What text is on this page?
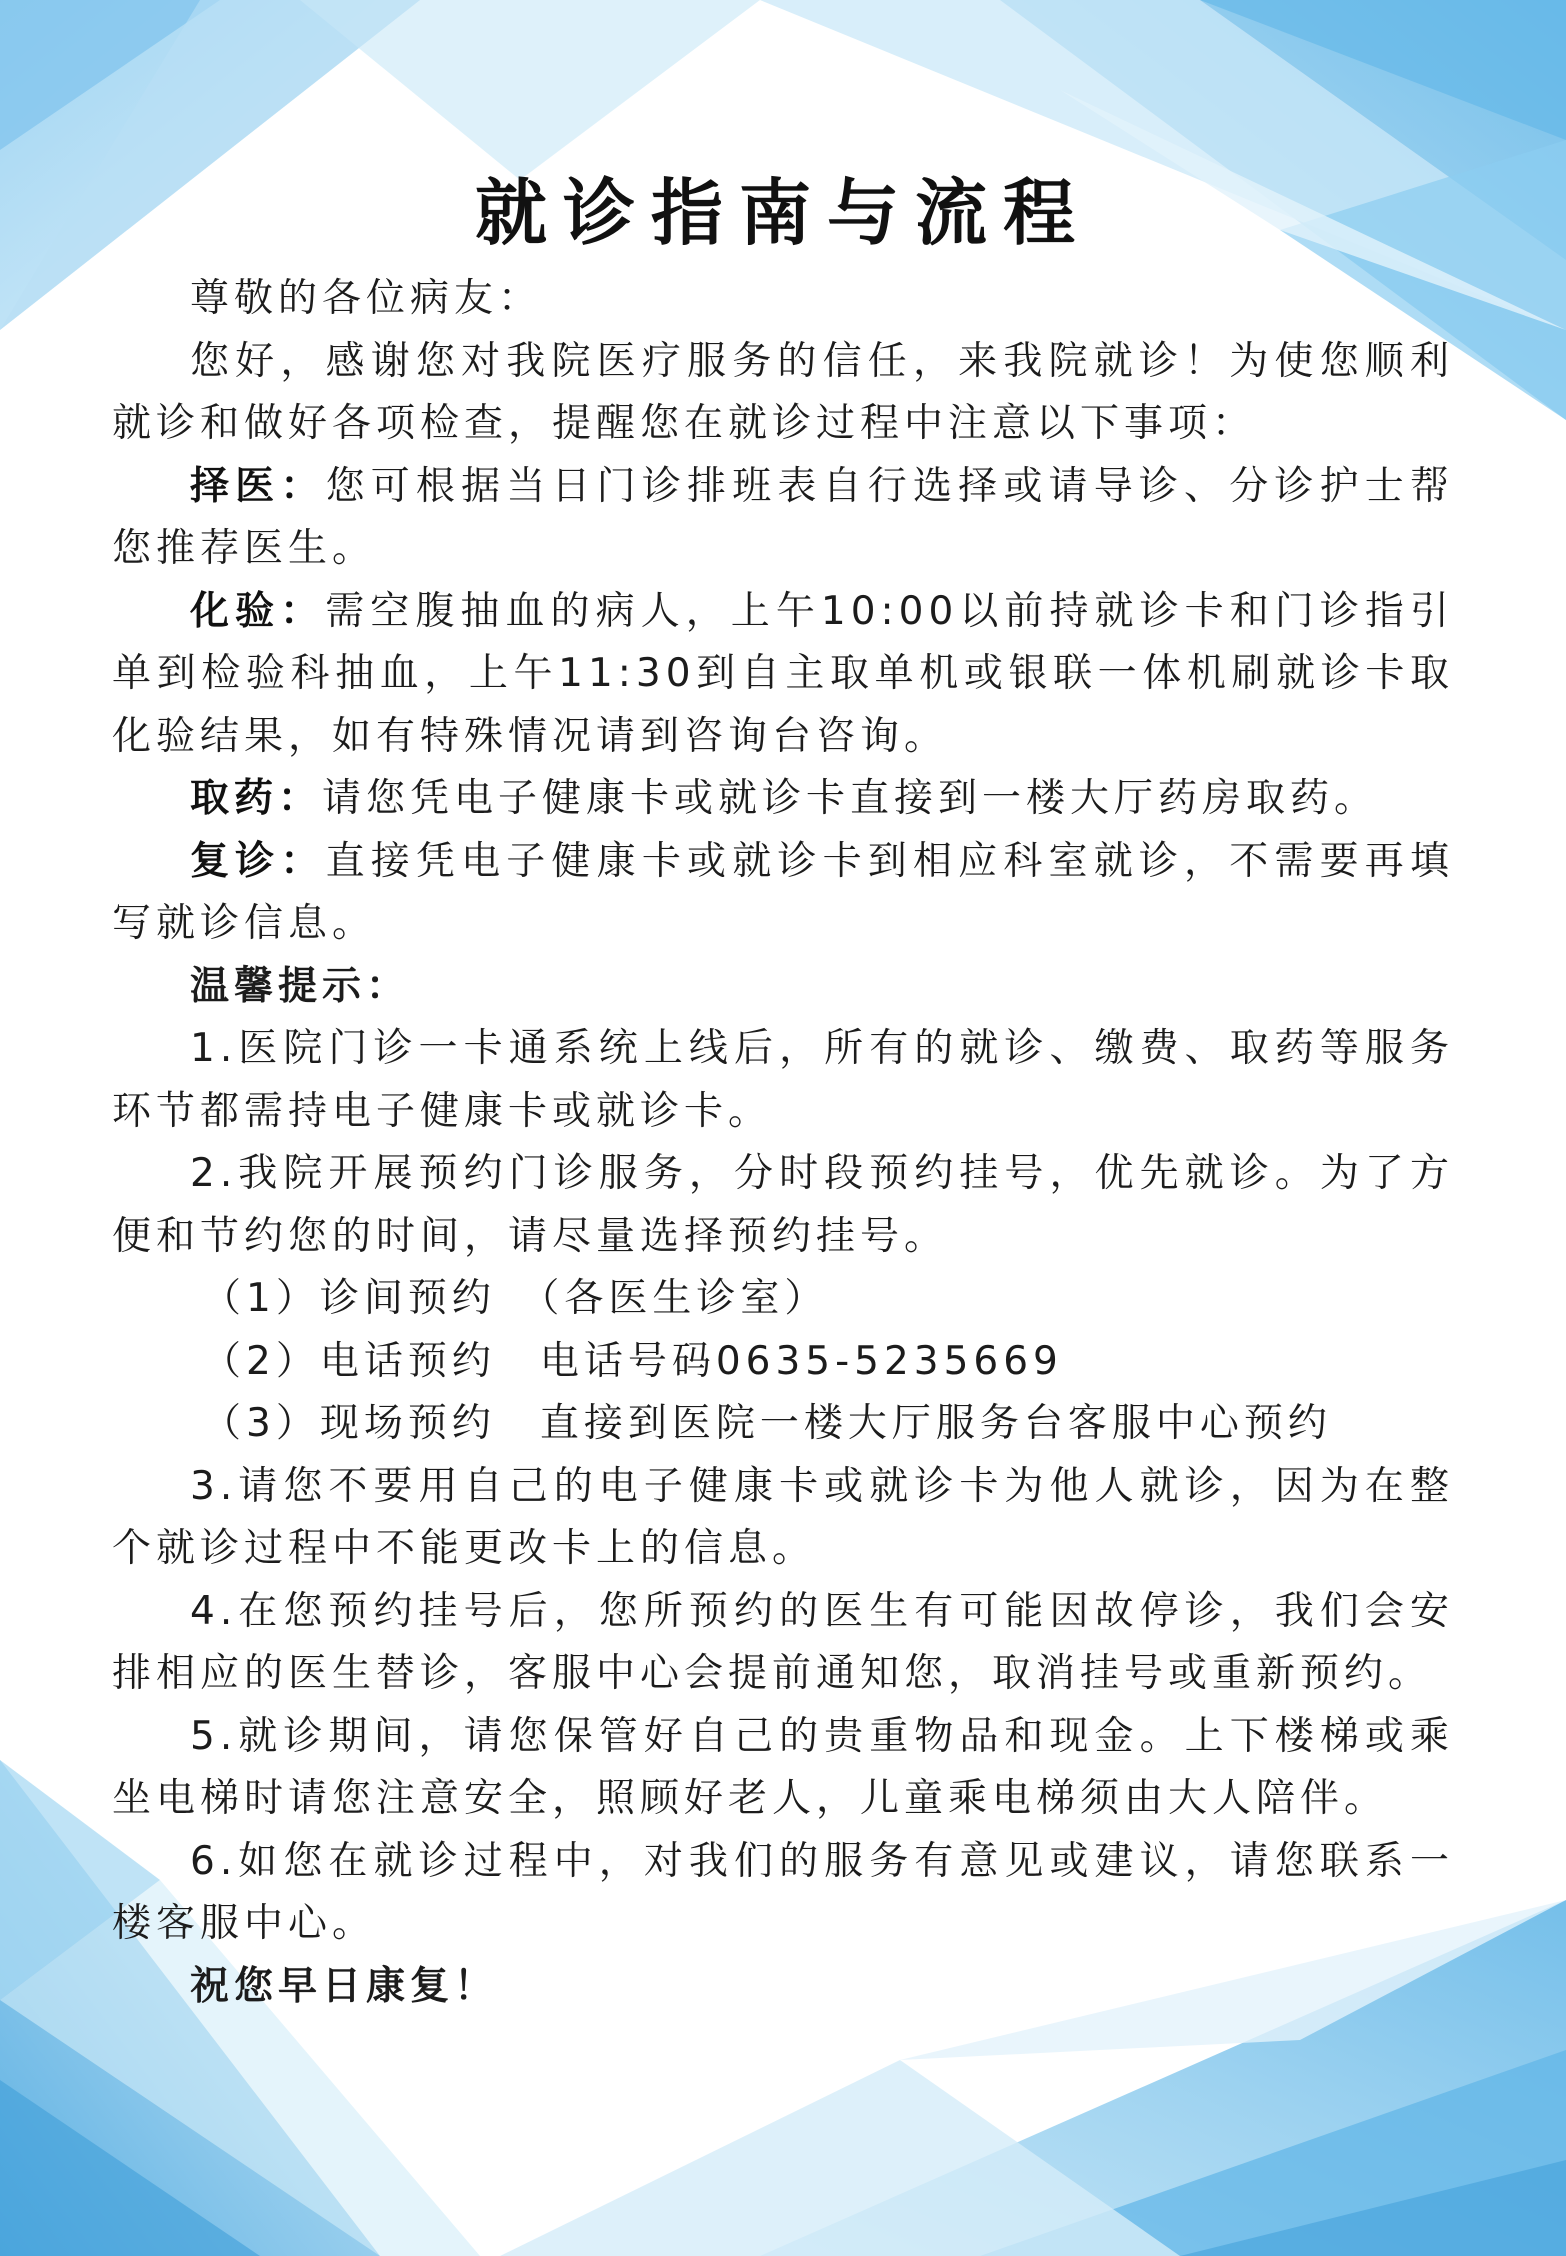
就诊指南与流程

尊敬的各位病友：

您好，感谢您对我院医疗服务的信任，来我院就诊！为使您顺利就诊和做好各项检查，提醒您在就诊过程中注意以下事项：

择医：您可根据当日门诊排班表自行选择或请导诊、分诊护士帮您推荐医生。

化验：需空腹抽血的病人，上午10:00以前持就诊卡和门诊指引单到检验科抽血，上午11:30到自主取单机或银联一体机刷就诊卡取化验结果，如有特殊情况请到咨询台咨询。

取药：请您凭电子健康卡或就诊卡直接到一楼大厅药房取药。

复诊：直接凭电子健康卡或就诊卡到相应科室就诊，不需要再填写就诊信息。

温馨提示：

1.医院门诊一卡通系统上线后，所有的就诊、缴费、取药等服务环节都需持电子健康卡或就诊卡。

2.我院开展预约门诊服务，分时段预约挂号，优先就诊。为了方便和节约您的时间，请尽量选择预约挂号。

（1）诊间预约　（各医生诊室）

（2）电话预约　电话号码0635-5235669

（3）现场预约　直接到医院一楼大厅服务台客服中心预约

3.请您不要用自己的电子健康卡或就诊卡为他人就诊，因为在整个就诊过程中不能更改卡上的信息。

4.在您预约挂号后，您所预约的医生有可能因故停诊，我们会安排相应的医生替诊，客服中心会提前通知您，取消挂号或重新预约。

5.就诊期间，请您保管好自己的贵重物品和现金。上下楼梯或乘坐电梯时请您注意安全，照顾好老人，儿童乘电梯须由大人陪伴。

6.如您在就诊过程中，对我们的服务有意见或建议，请您联系一楼客服中心。

祝您早日康复！
